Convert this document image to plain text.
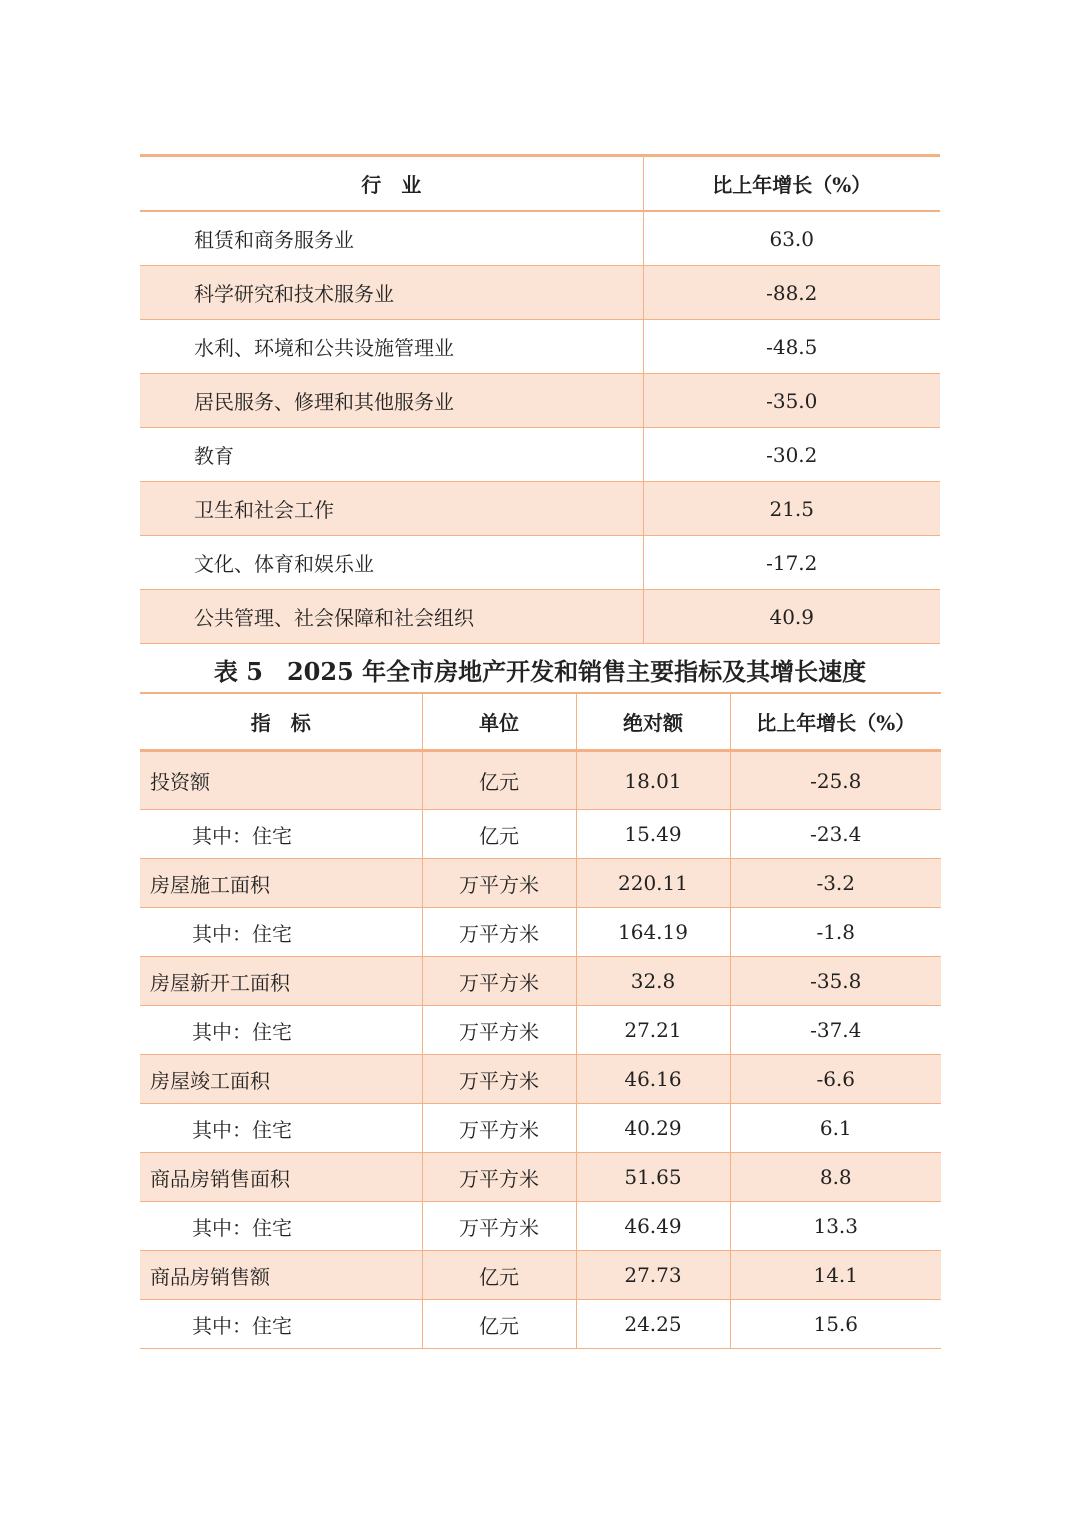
行　业	比上年增长（%）
租赁和商务服务业	63.0
科学研究和技术服务业	-88.2
水利、环境和公共设施管理业	-48.5
居民服务、修理和其他服务业	-35.0
教育	-30.2
卫生和社会工作	21.5
文化、体育和娱乐业	-17.2
公共管理、社会保障和社会组织	40.9
表 5　2025 年全市房地产开发和销售主要指标及其增长速度
指　标	单位	绝对额	比上年增长（%）
投资额	亿元	18.01	-25.8
其中：住宅	亿元	15.49	-23.4
房屋施工面积	万平方米	220.11	-3.2
其中：住宅	万平方米	164.19	-1.8
房屋新开工面积	万平方米	32.8	-35.8
其中：住宅	万平方米	27.21	-37.4
房屋竣工面积	万平方米	46.16	-6.6
其中：住宅	万平方米	40.29	6.1
商品房销售面积	万平方米	51.65	8.8
其中：住宅	万平方米	46.49	13.3
商品房销售额	亿元	27.73	14.1
其中：住宅	亿元	24.25	15.6
